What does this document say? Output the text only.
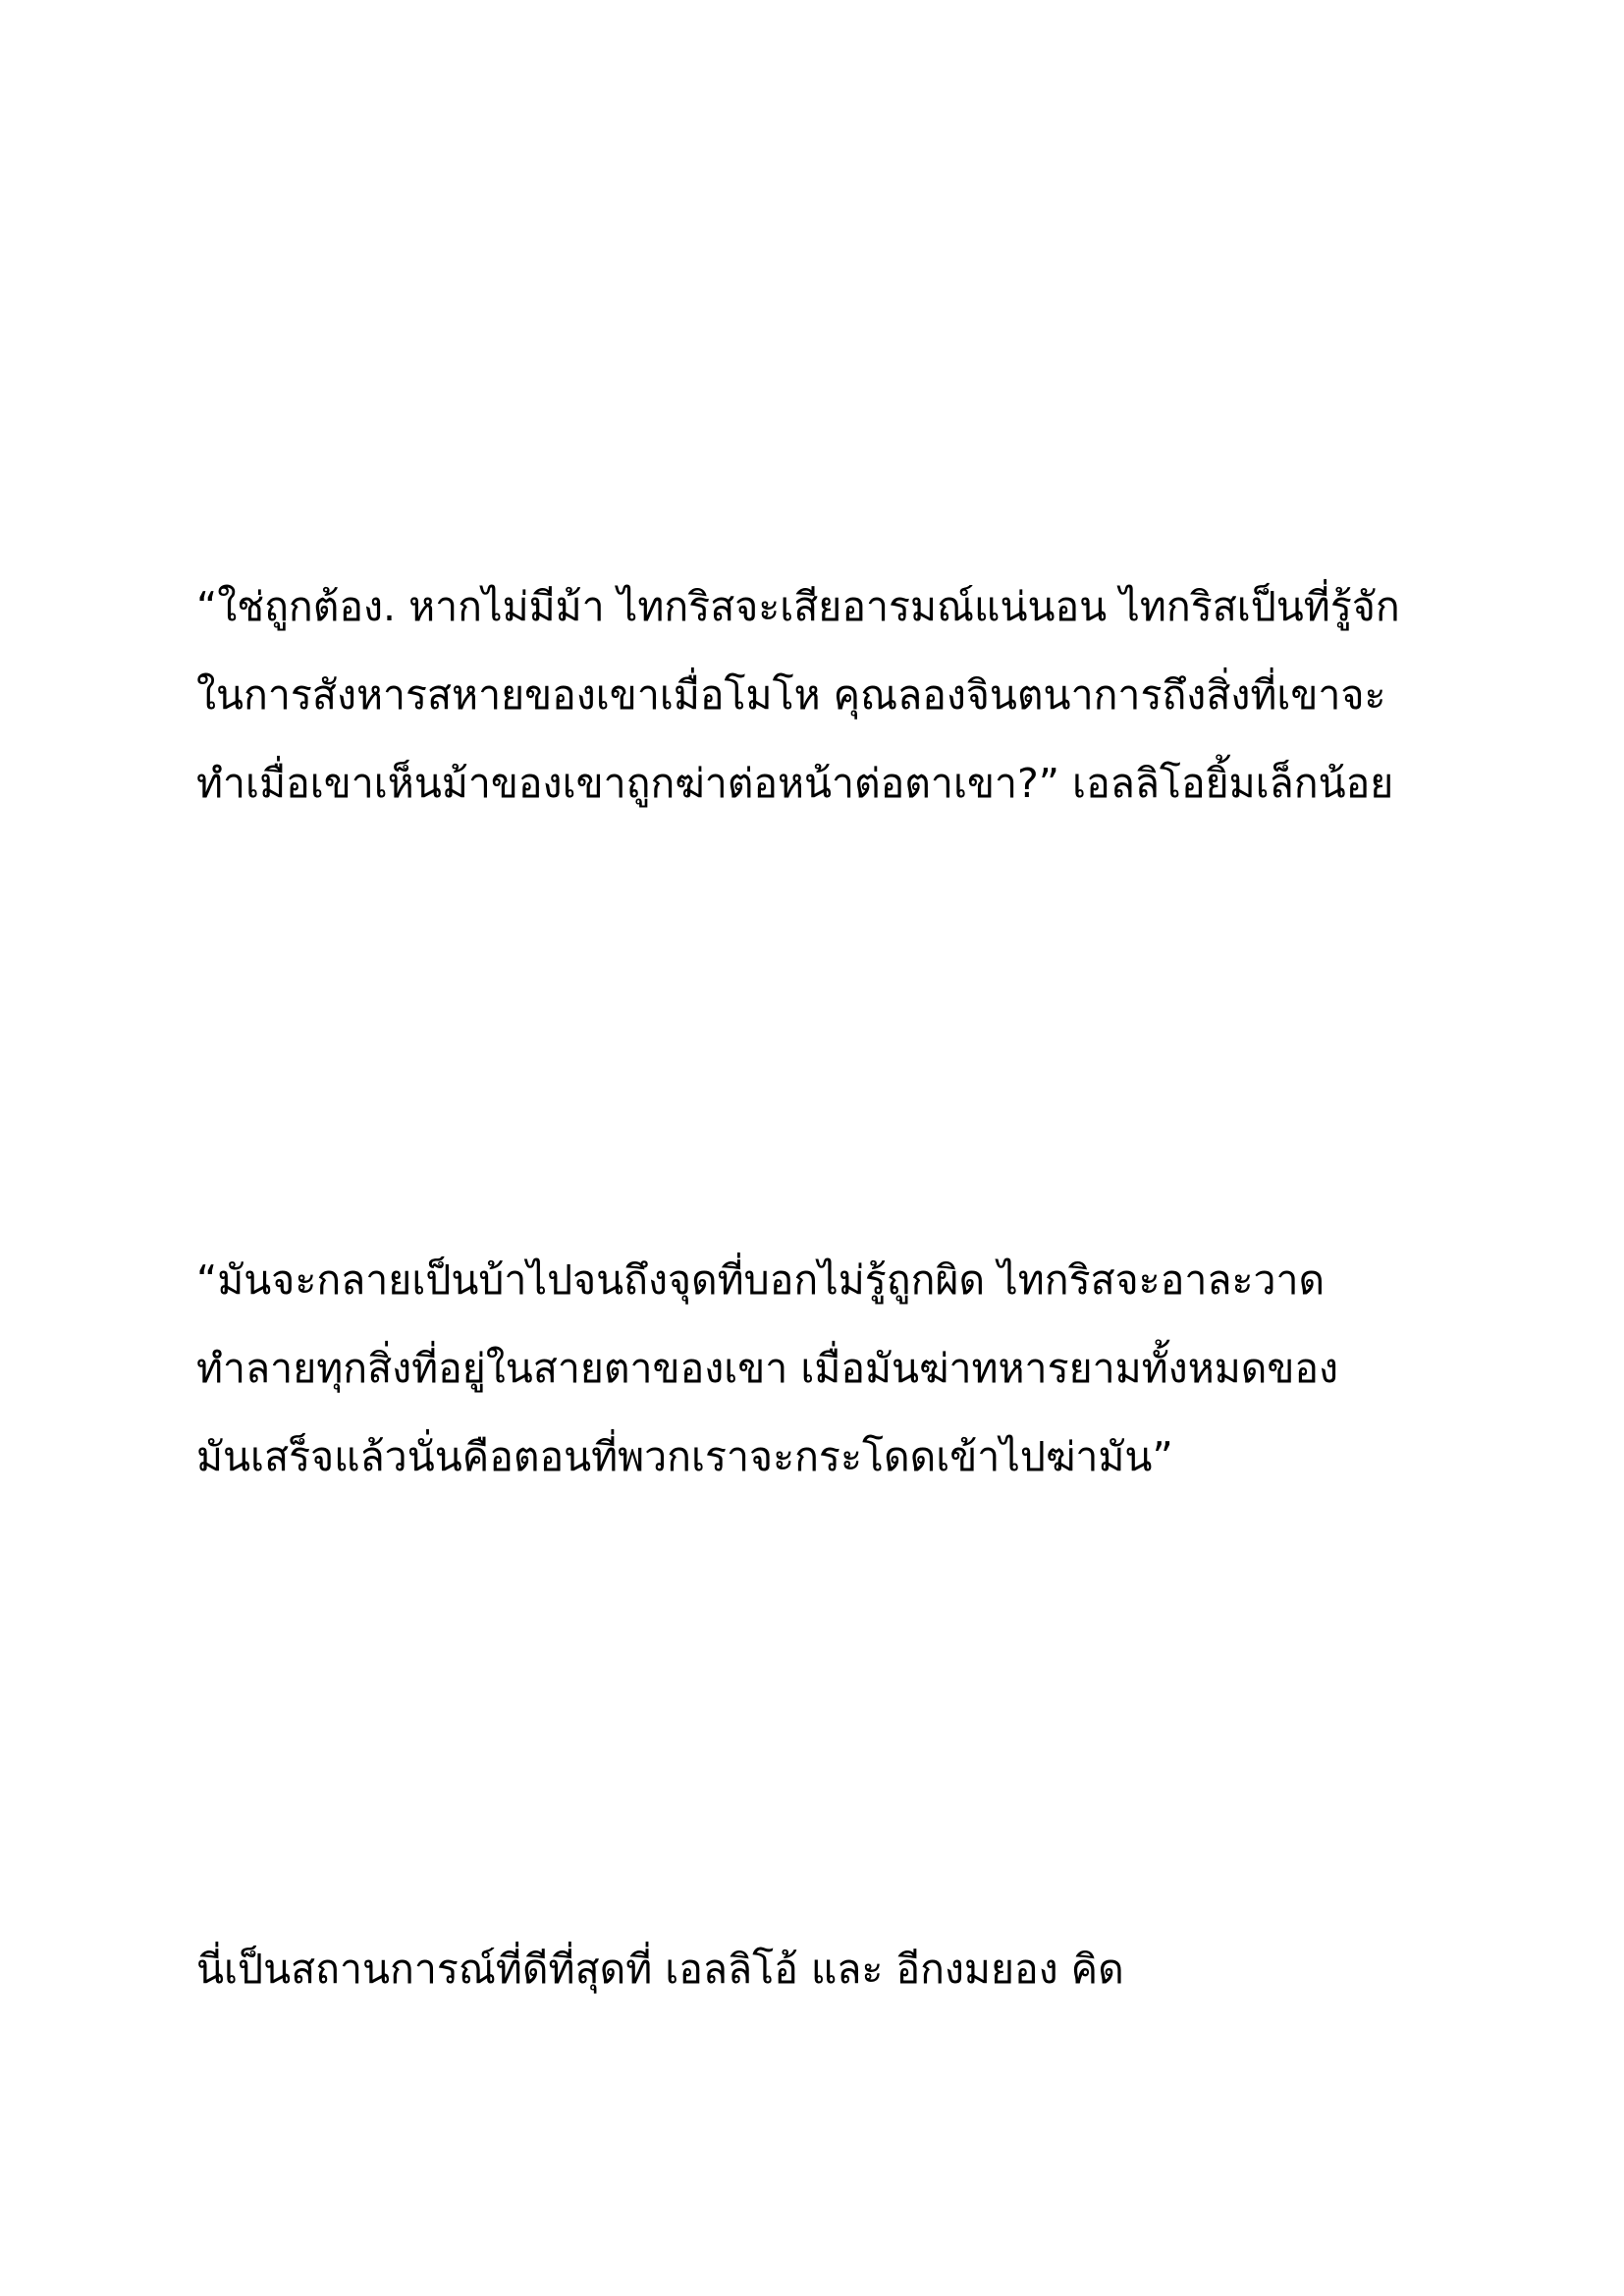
“ใช่ถูกต้อง. หากไม่มีม้า ไทกริสจะเสียอารมณ์แน่นอน ไทกริสเป็นที่รู้จัก
ในการสังหารสหายของเขาเมื่อโมโห คุณลองจินตนาการถึงสิ่งที่เขาจะ
ทำเมื่อเขาเห็นม้าของเขาถูกฆ่าต่อหน้าต่อตาเขา?” เอลลิโอยิ้มเล็กน้อย

“มันจะกลายเป็นบ้าไปจนถึงจุดที่บอกไม่รู้ถูกผิด ไทกริสจะอาละวาด
ทำลายทุกสิ่งที่อยู่ในสายตาของเขา เมื่อมันฆ่าทหารยามทั้งหมดของ
มันเสร็จแล้วนั่นคือตอนที่พวกเราจะกระโดดเข้าไปฆ่ามัน”

นี่เป็นสถานการณ์ที่ดีที่สุดที่ เอลลิโอ้ และ อีกงมยอง คิด
